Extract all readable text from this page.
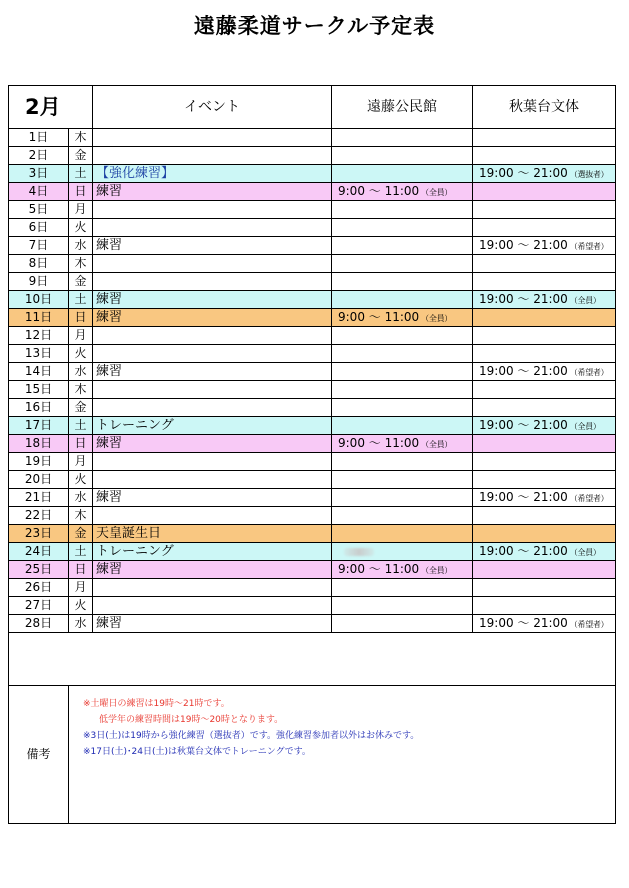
遠藤柔道サークル予定表
2月		イベント	遠藤公民館	秋葉台文体
1日	木			
2日	金			
3日	土	【強化練習】		19:00 ～ 21:00 （選抜者）
4日	日	練習	9:00 ～ 11:00 （全員）	
5日	月			
6日	火			
7日	水	練習		19:00 ～ 21:00 （希望者）
8日	木			
9日	金			
10日	土	練習		19:00 ～ 21:00 （全員）
11日	日	練習	9:00 ～ 11:00 （全員）	
12日	月			
13日	火			
14日	水	練習		19:00 ～ 21:00 （希望者）
15日	木			
16日	金			
17日	土	トレーニング		19:00 ～ 21:00 （全員）
18日	日	練習	9:00 ～ 11:00 （全員）	
19日	月			
20日	火			
21日	水	練習		19:00 ～ 21:00 （希望者）
22日	木			
23日	金	天皇誕生日		
24日	土	トレーニング		19:00 ～ 21:00 （全員）
25日	日	練習	9:00 ～ 11:00 （全員）	
26日	月			
27日	火			
28日	水	練習		19:00 ～ 21:00 （希望者）

備考	※土曜日の練習は19時～21時です。
低学年の練習時間は19時～20時となります。
※3日(土)は19時から強化練習（選抜者）です。強化練習参加者以外はお休みです。
※17日(土)･24日(土)は秋葉台文体でトレーニングです。			
